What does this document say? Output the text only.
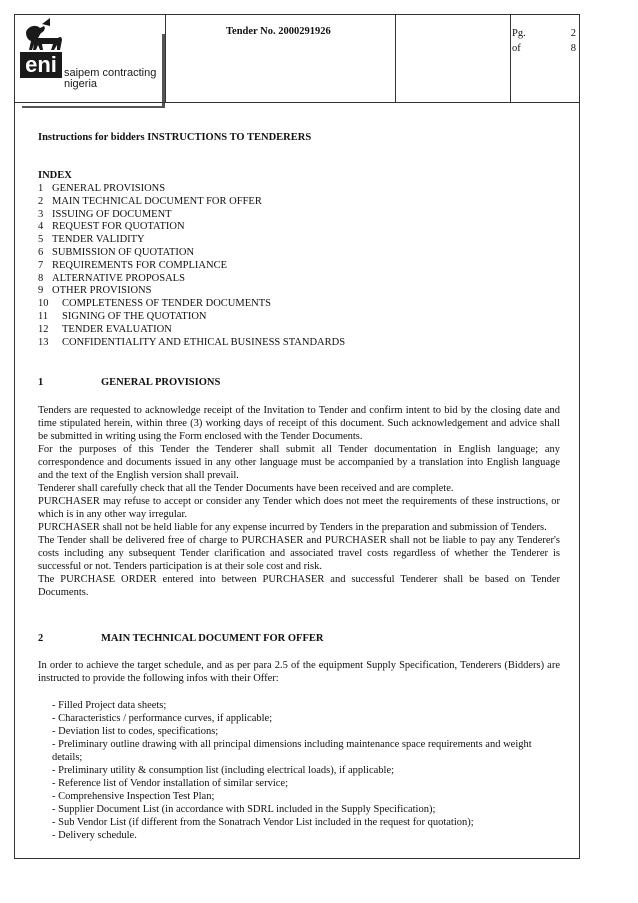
eni saipem contracting
nigeria
Tender No. 2000291926	Pg.	2
of	8
Instructions for bidders INSTRUCTIONS TO TENDERERS
INDEX
1 GENERAL PROVISIONS
2 MAIN TECHNICAL DOCUMENT FOR OFFER
3 ISSUING OF DOCUMENT
4 REQUEST FOR QUOTATION
5 TENDER VALIDITY
6 SUBMISSION OF QUOTATION
7 REQUIREMENTS FOR COMPLIANCE
8 ALTERNATIVE PROPOSALS
9 OTHER PROVISIONS
10	COMPLETENESS OF TENDER DOCUMENTS
11	SIGNING OF THE QUOTATION
12	TENDER EVALUATION
13	CONFIDENTIALITY AND ETHICAL BUSINESS STANDARDS
1	GENERAL PROVISIONS

Tenders are requested to acknowledge receipt of the Invitation to Tender and confirm intent to bid by the closing date and time stipulated herein, within three (3) working days of receipt of this document. Such acknowledgement and advice shall be submitted in writing using the Form enclosed with the Tender Documents.

For the purposes of this Tender the Tenderer shall submit all Tender documentation in English language; any correspondence and documents issued in any other language must be accompanied by a translation into English language and the text of the English version shall prevail.

Tenderer shall carefully check that all the Tender Documents have been received and are complete.

PURCHASER may refuse to accept or consider any Tender which does not meet the requirements of these instructions, or which is in any other way irregular.

PURCHASER shall not be held liable for any expense incurred by Tenders in the preparation and submission of Tenders.

The Tender shall be delivered free of charge to PURCHASER and PURCHASER shall not be liable to pay any Tenderer's costs including any subsequent Tender clarification and associated travel costs regardless of whether the Tenderer is successful or not. Tenders participation is at their sole cost and risk.

The PURCHASE ORDER entered into between PURCHASER and successful Tenderer shall be based on Tender Documents.

2	MAIN TECHNICAL DOCUMENT FOR OFFER
In order to achieve the target schedule, and as per para 2.5 of the equipment Supply Specification, Tenderers (Bidders) are instructed to provide the following infos with their Offer:
- Filled Project data sheets;
- Characteristics / performance curves, if applicable;
- Deviation list to codes, specifications;
- Preliminary outline drawing with all principal dimensions including maintenance space requirements and weight details;
- Preliminary utility & consumption list (including electrical loads), if applicable;
- Reference list of Vendor installation of similar service;
- Comprehensive Inspection Test Plan;
- Supplier Document List (in accordance with SDRL included in the Supply Specification);
- Sub Vendor List (if different from the Sonatrach Vendor List included in the request for quotation);
- Delivery schedule.
